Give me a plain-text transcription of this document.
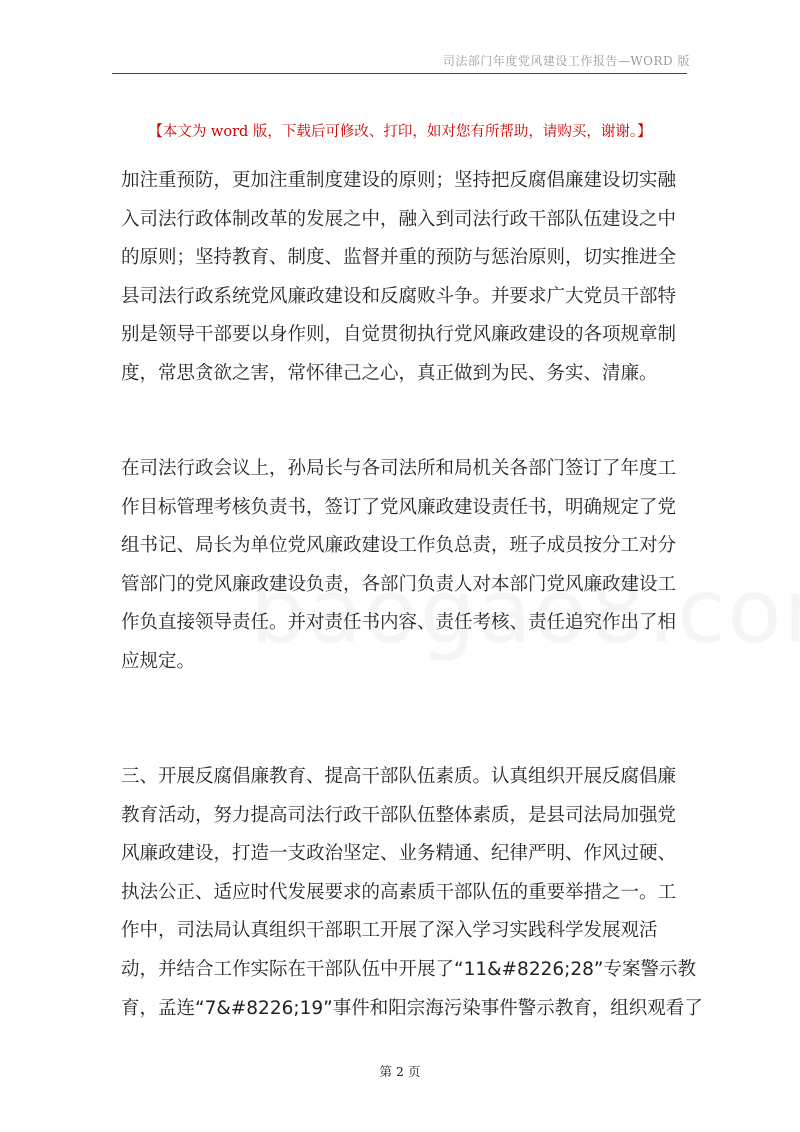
司法部门年度党风建设工作报告—WORD 版
【本文为 word 版，下载后可修改、打印，如对您有所帮助，请购买，谢谢。】
加注重预防，更加注重制度建设的原则；坚持把反腐倡廉建设切实融
入司法行政体制改革的发展之中，融入到司法行政干部队伍建设之中
的原则；坚持教育、制度、监督并重的预防与惩治原则，切实推进全
县司法行政系统党风廉政建设和反腐败斗争。并要求广大党员干部特
别是领导干部要以身作则，自觉贯彻执行党风廉政建设的各项规章制
度，常思贪欲之害，常怀律己之心，真正做到为民、务实、清廉。
在司法行政会议上，孙局长与各司法所和局机关各部门签订了年度工
作目标管理考核负责书，签订了党风廉政建设责任书，明确规定了党
组书记、局长为单位党风廉政建设工作负总责，班子成员按分工对分
管部门的党风廉政建设负责，各部门负责人对本部门党风廉政建设工
作负直接领导责任。并对责任书内容、责任考核、责任追究作出了相
应规定。
三、开展反腐倡廉教育、提高干部队伍素质。认真组织开展反腐倡廉
教育活动，努力提高司法行政干部队伍整体素质，是县司法局加强党
风廉政建设，打造一支政治坚定、业务精通、纪律严明、作风过硬、
执法公正、适应时代发展要求的高素质干部队伍的重要举措之一。工
作中，司法局认真组织干部职工开展了深入学习实践科学发展观活
动，并结合工作实际在干部队伍中开展了“11&#8226;28”专案警示教
育，孟连“7&#8226;19”事件和阳宗海污染事件警示教育，组织观看了
第 2 页
